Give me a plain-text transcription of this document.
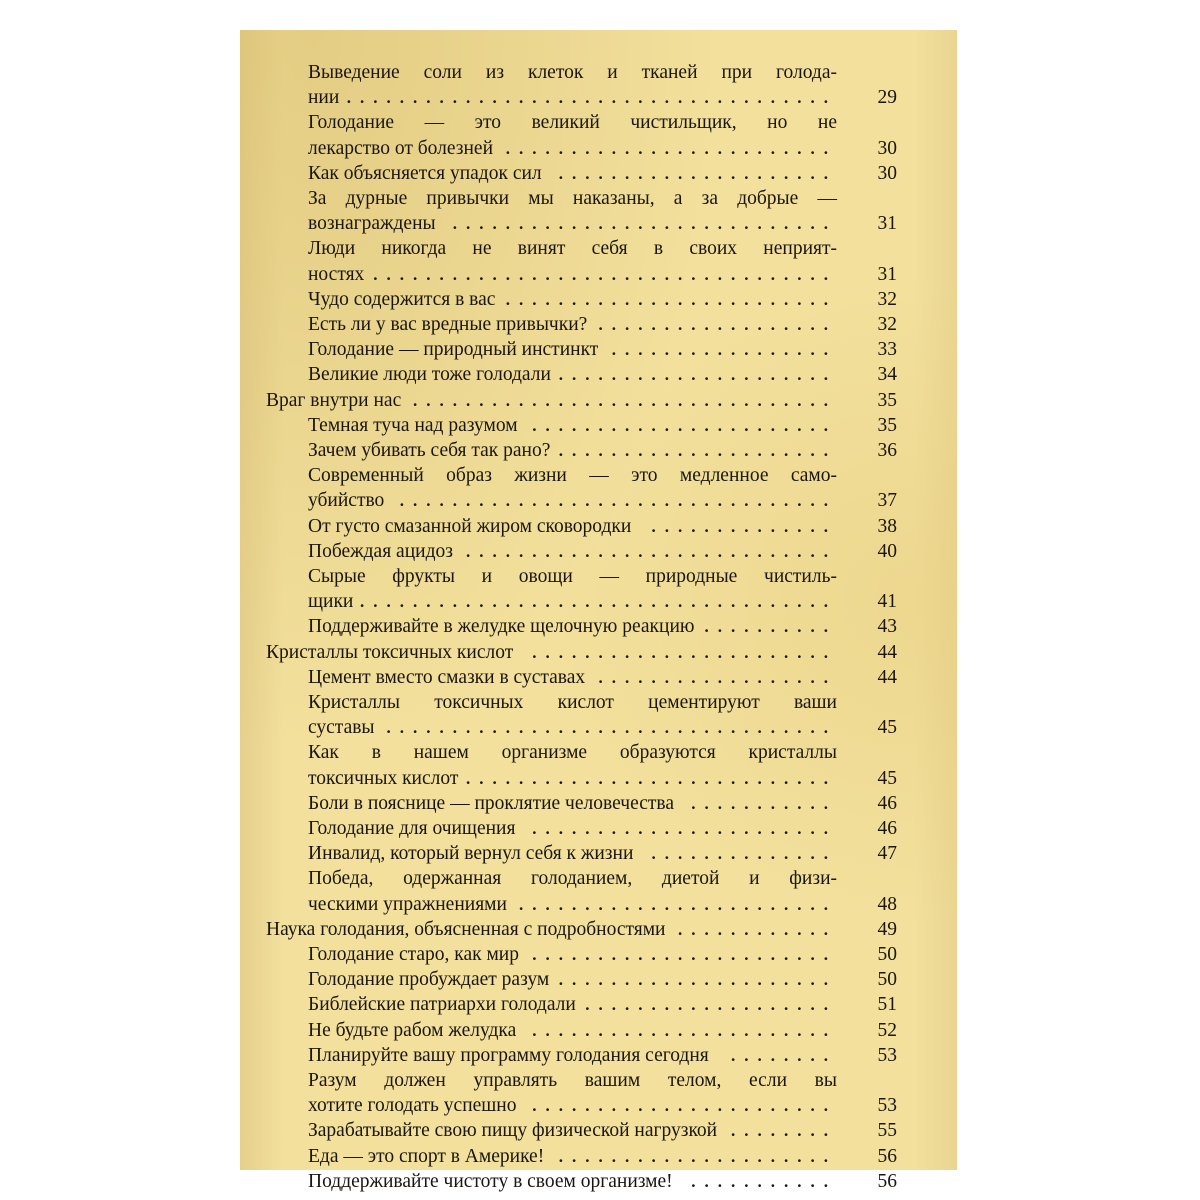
Выведение соли из клеток и тканей при голода-
нии .....................................	29
Голодание — это великий чистильщик, но не
лекарство от болезней .........................	30
Как объясняется упадок сил .....................	30
За дурные привычки мы наказаны, а за добрые —
вознаграждены .............................	31
Люди никогда не винят себя в своих неприят-
ностях ...................................	31
Чудо содержится в вас .........................	32
Есть ли у вас вредные привычки? ..................	32
Голодание — природный инстинкт .................	33
Великие люди тоже голодали .....................	34
Враг внутри нас ................................	35
Темная туча над разумом .......................	35
Зачем убивать себя так рано? .....................	36
Современный образ жизни — это медленное само-
убийство .................................	37
От густо смазанной жиром сковородки ..............	38
Побеждая ацидоз ............................	40
Сырые фрукты и овощи — природные чистиль-
щики ....................................	41
Поддерживайте в желудке щелочную реакцию ..........	43
Кристаллы токсичных кислот .......................	44
Цемент вместо смазки в суставах ..................	44
Кристаллы токсичных кислот цементируют ваши
суставы ..................................	45
Как в нашем организме образуются кристаллы
токсичных кислот ............................	45
Боли в пояснице — проклятие человечества ...........	46
Голодание для очищения .......................	46
Инвалид, который вернул себя к жизни ..............	47
Победа, одержанная голоданием, диетой и физи-
ческими упражнениями ........................	48
Наука голодания, объясненная с подробностями ............	49
Голодание старо, как мир .......................	50
Голодание пробуждает разум .....................	50
Библейские патриархи голодали ...................	51
Не будьте рабом желудка .......................	52
Планируйте вашу программу голодания сегодня ........	53
Разум должен управлять вашим телом, если вы
хотите голодать успешно .......................	53
Зарабатывайте свою пищу физической нагрузкой ........	55
Еда — это спорт в Америке! .....................	56
Поддерживайте чистоту в своем организме! ...........	56
